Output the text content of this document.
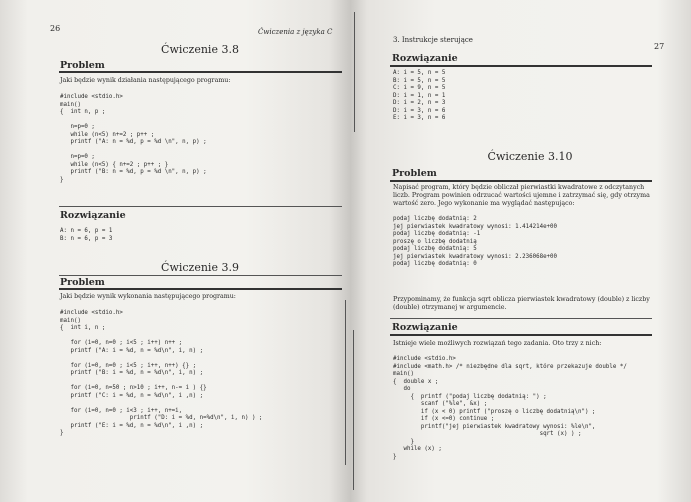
26	Ćwiczenia z języka C
Ćwiczenie 3.8
Problem
Jaki będzie wynik działania następującego programu:
#include <stdio.h>
main()
{  int n, p ;

n=p=0 ;
while (n<5) n+=2 ; p++ ;
printf ("A: n = %d, p = %d \n", n, p) ;

n=p=0 ;
while (n<5) { n+=2 ; p++ ; }
printf ("B: n = %d, p = %d \n", n, p) ;
}
Rozwiązanie
A: n = 6, p = 1
B: n = 6, p = 3
Ćwiczenie 3.9
Problem
Jaki będzie wynik wykonania następującego programu:
#include <stdio.h>
main()
{  int i, n ;

for (i=0, n=0 ; i<5 ; i++) n++ ;
printf ("A: i = %d, n = %d\n", i, n) ;

for (i=0, n=0 ; i<5 ; i++, n++) {} ;
printf ("B: i = %d, n = %d\n", i, n) ;

for (i=0, n=50 ; n>10 ; i++, n-= i ) {}
printf ("C: i = %d, n = %d\n", i ,n) ;

for (i=0, n=0 ; i<3 ; i++, n+=i,
printf ("D: i = %d, n=%d\n", i, n) ) ;
printf ("E: i = %d, n = %d\n", i ,n) ;
}
3. Instrukcje sterujące
27
Rozwiązanie
A: i = 5, n = 5
B: i = 5, n = 5
C: i = 9, n = 5
D: i = 1, n = 1
D: i = 2, n = 3
D: i = 3, n = 6
E: i = 3, n = 6
Ćwiczenie 3.10
Problem
Napisać program, który będzie obliczał pierwiastki kwadratowe z odczytanych
liczb. Program powinien odrzucać wartości ujemne i zatrzymać się, gdy otrzyma
wartość zero. Jego wykonanie ma wyglądać następująco:
podaj liczbę dodatnią: 2
jej pierwiastek kwadratowy wynosi: 1.414214e+00
podaj liczbę dodatnią: -1
proszę o liczbę dodatnią
podaj liczbę dodatnią: 5
jej pierwiastek kwadratowy wynosi: 2.236068e+00
podaj liczbę dodatnią: 0
Przypominamy, że funkcja sqrt oblicza pierwiastek kwadratowy (double) z liczby
(double) otrzymanej w argumencie.
Rozwiązanie
Istnieje wiele możliwych rozwiązań tego zadania. Oto trzy z nich:
#include <stdio.h>
#include <math.h> /* niezbędne dla sqrt, które przekazuje double */
main()
{  double x ;
do
{  printf ("podaj liczbę dodatnią: ") ;
scanf ("%le", &x) ;
if (x < 0) printf ("proszę o liczbę dodatnią\n") ;
if (x <=0) continue ;
printf("jej pierwiastek kwadratowy wynosi: %le\n",
sqrt (x) ) ;
}
while (x) ;
}
